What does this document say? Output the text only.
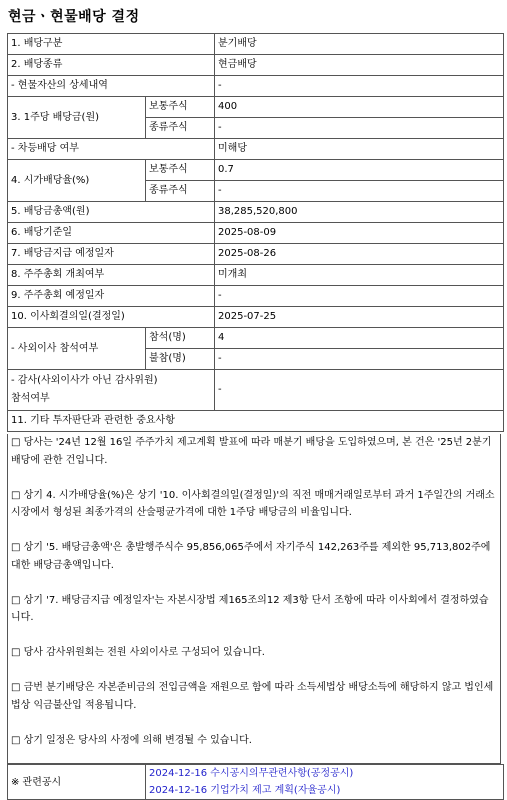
현금ㆍ현물배당 결정
1. 배당구분		분기배당
2. 배당종류		현금배당
- 현물자산의 상세내역		-
3. 1주당 배당금(원)	보통주식	400
	종류주식	-
- 차등배당 여부		미해당
4. 시가배당율(%)	보통주식	0.7
	종류주식	-
5. 배당금총액(원)		38,285,520,800
6. 배당기준일		2025-08-09
7. 배당금지급 예정일자		2025-08-26
8. 주주총회 개최여부		미개최
9. 주주총회 예정일자		-
10. 이사회결의일(결정일)		2025-07-25
- 사외이사 참석여부	참석(명)	4
	불참(명)	-
- 감사(사외이사가 아닌 감사위원)
참석여부		-
11. 기타 투자판단과 관련한 중요사항		

□ 당사는 '24년 12월 16일 주주가치 제고계획 발표에 따라 매분기 배당을 도입하였으며, 본 건은 '25년 2분기 배당에 관한 건입니다.

□ 상기 4. 시가배당율(%)은 상기 '10. 이사회결의일(결정일)'의 직전 매매거래일로부터 과거 1주일간의 거래소 시장에서 형성된 최종가격의 산술평균가격에 대한 1주당 배당금의 비율입니다.

□ 상기 '5. 배당금총액'은 총발행주식수 95,856,065주에서 자기주식 142,263주를 제외한 95,713,802주에 대한 배당금총액입니다.

□ 상기 '7. 배당금지급 예정일자'는 자본시장법 제165조의12 제3항 단서 조항에 따라 이사회에서 결정하였습니다.

□ 당사 감사위원회는 전원 사외이사로 구성되어 있습니다.

□ 금번 분기배당은 자본준비금의 전입금액을 재원으로 함에 따라 소득세법상 배당소득에 해당하지 않고 법인세법상 익금불산입 적용됩니다.

□ 상기 일정은 당사의 사정에 의해 변경될 수 있습니다.

※ 관련공시	
2024-12-16 수시공시의무관련사항(공정공시)
2024-12-16 기업가치 제고 계획(자율공시)
